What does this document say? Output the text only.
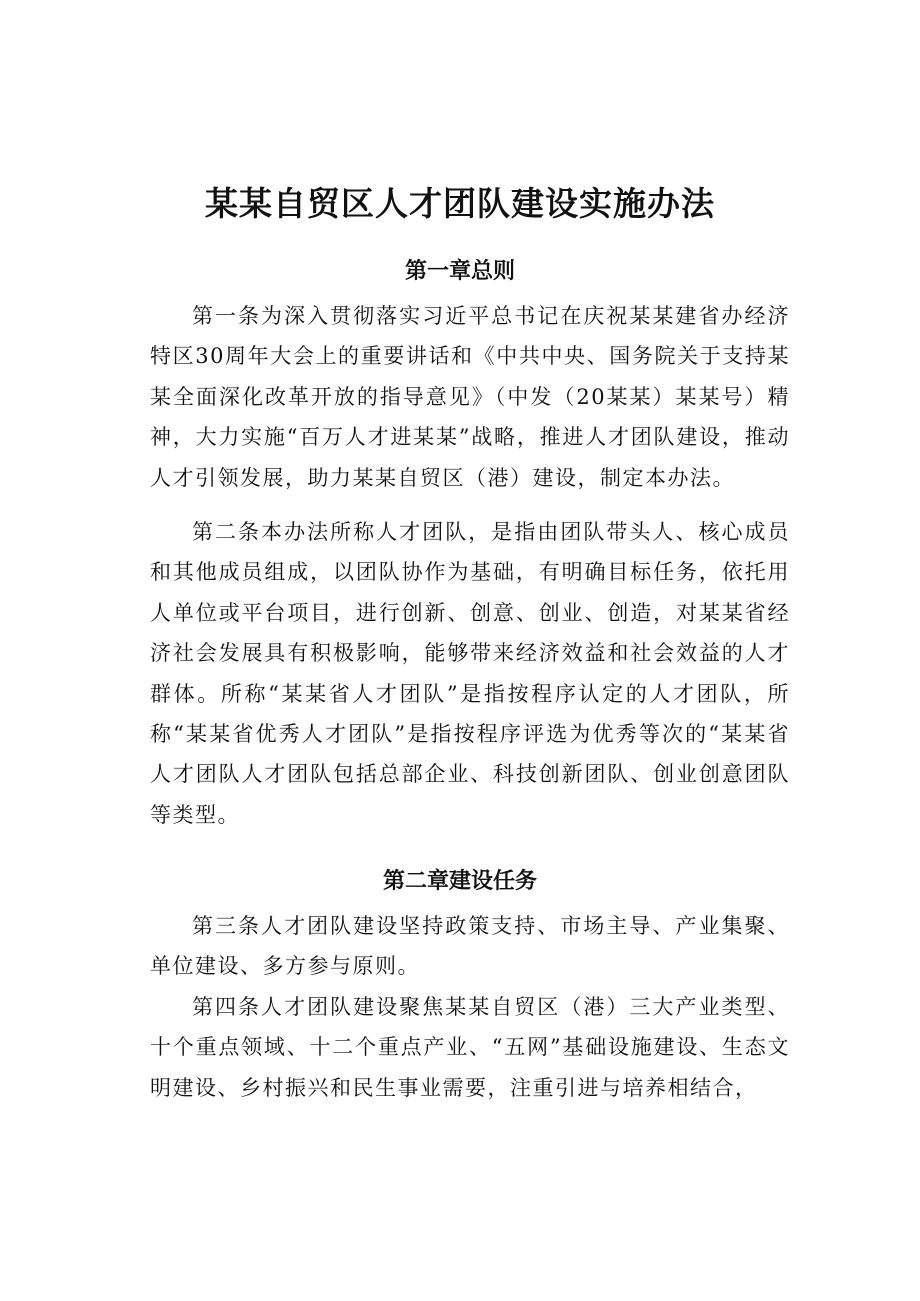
某某自贸区人才团队建设实施办法
第一章总则

第一条为深入贯彻落实习近平总书记在庆祝某某建省办经济特区30周年大会上的重要讲话和《中共中央、国务院关于支持某某全面深化改革开放的指导意见》（中发（20某某）某某号）精神，大力实施“百万人才进某某”战略，推进人才团队建设，推动人才引领发展，助力某某自贸区（港）建设，制定本办法。

第二条本办法所称人才团队，是指由团队带头人、核心成员和其他成员组成，以团队协作为基础，有明确目标任务，依托用人单位或平台项目，进行创新、创意、创业、创造，对某某省经济社会发展具有积极影响，能够带来经济效益和社会效益的人才群体。所称“某某省人才团队”是指按程序认定的人才团队，所称“某某省优秀人才团队”是指按程序评选为优秀等次的“某某省人才团队人才团队包括总部企业、科技创新团队、创业创意团队等类型。

第二章建设任务

第三条人才团队建设坚持政策支持、市场主导、产业集聚、单位建设、多方参与原则。

第四条人才团队建设聚焦某某自贸区（港）三大产业类型、十个重点领域、十二个重点产业、“五网”基础设施建设、生态文明建设、乡村振兴和民生事业需要，注重引进与培养相结合，
